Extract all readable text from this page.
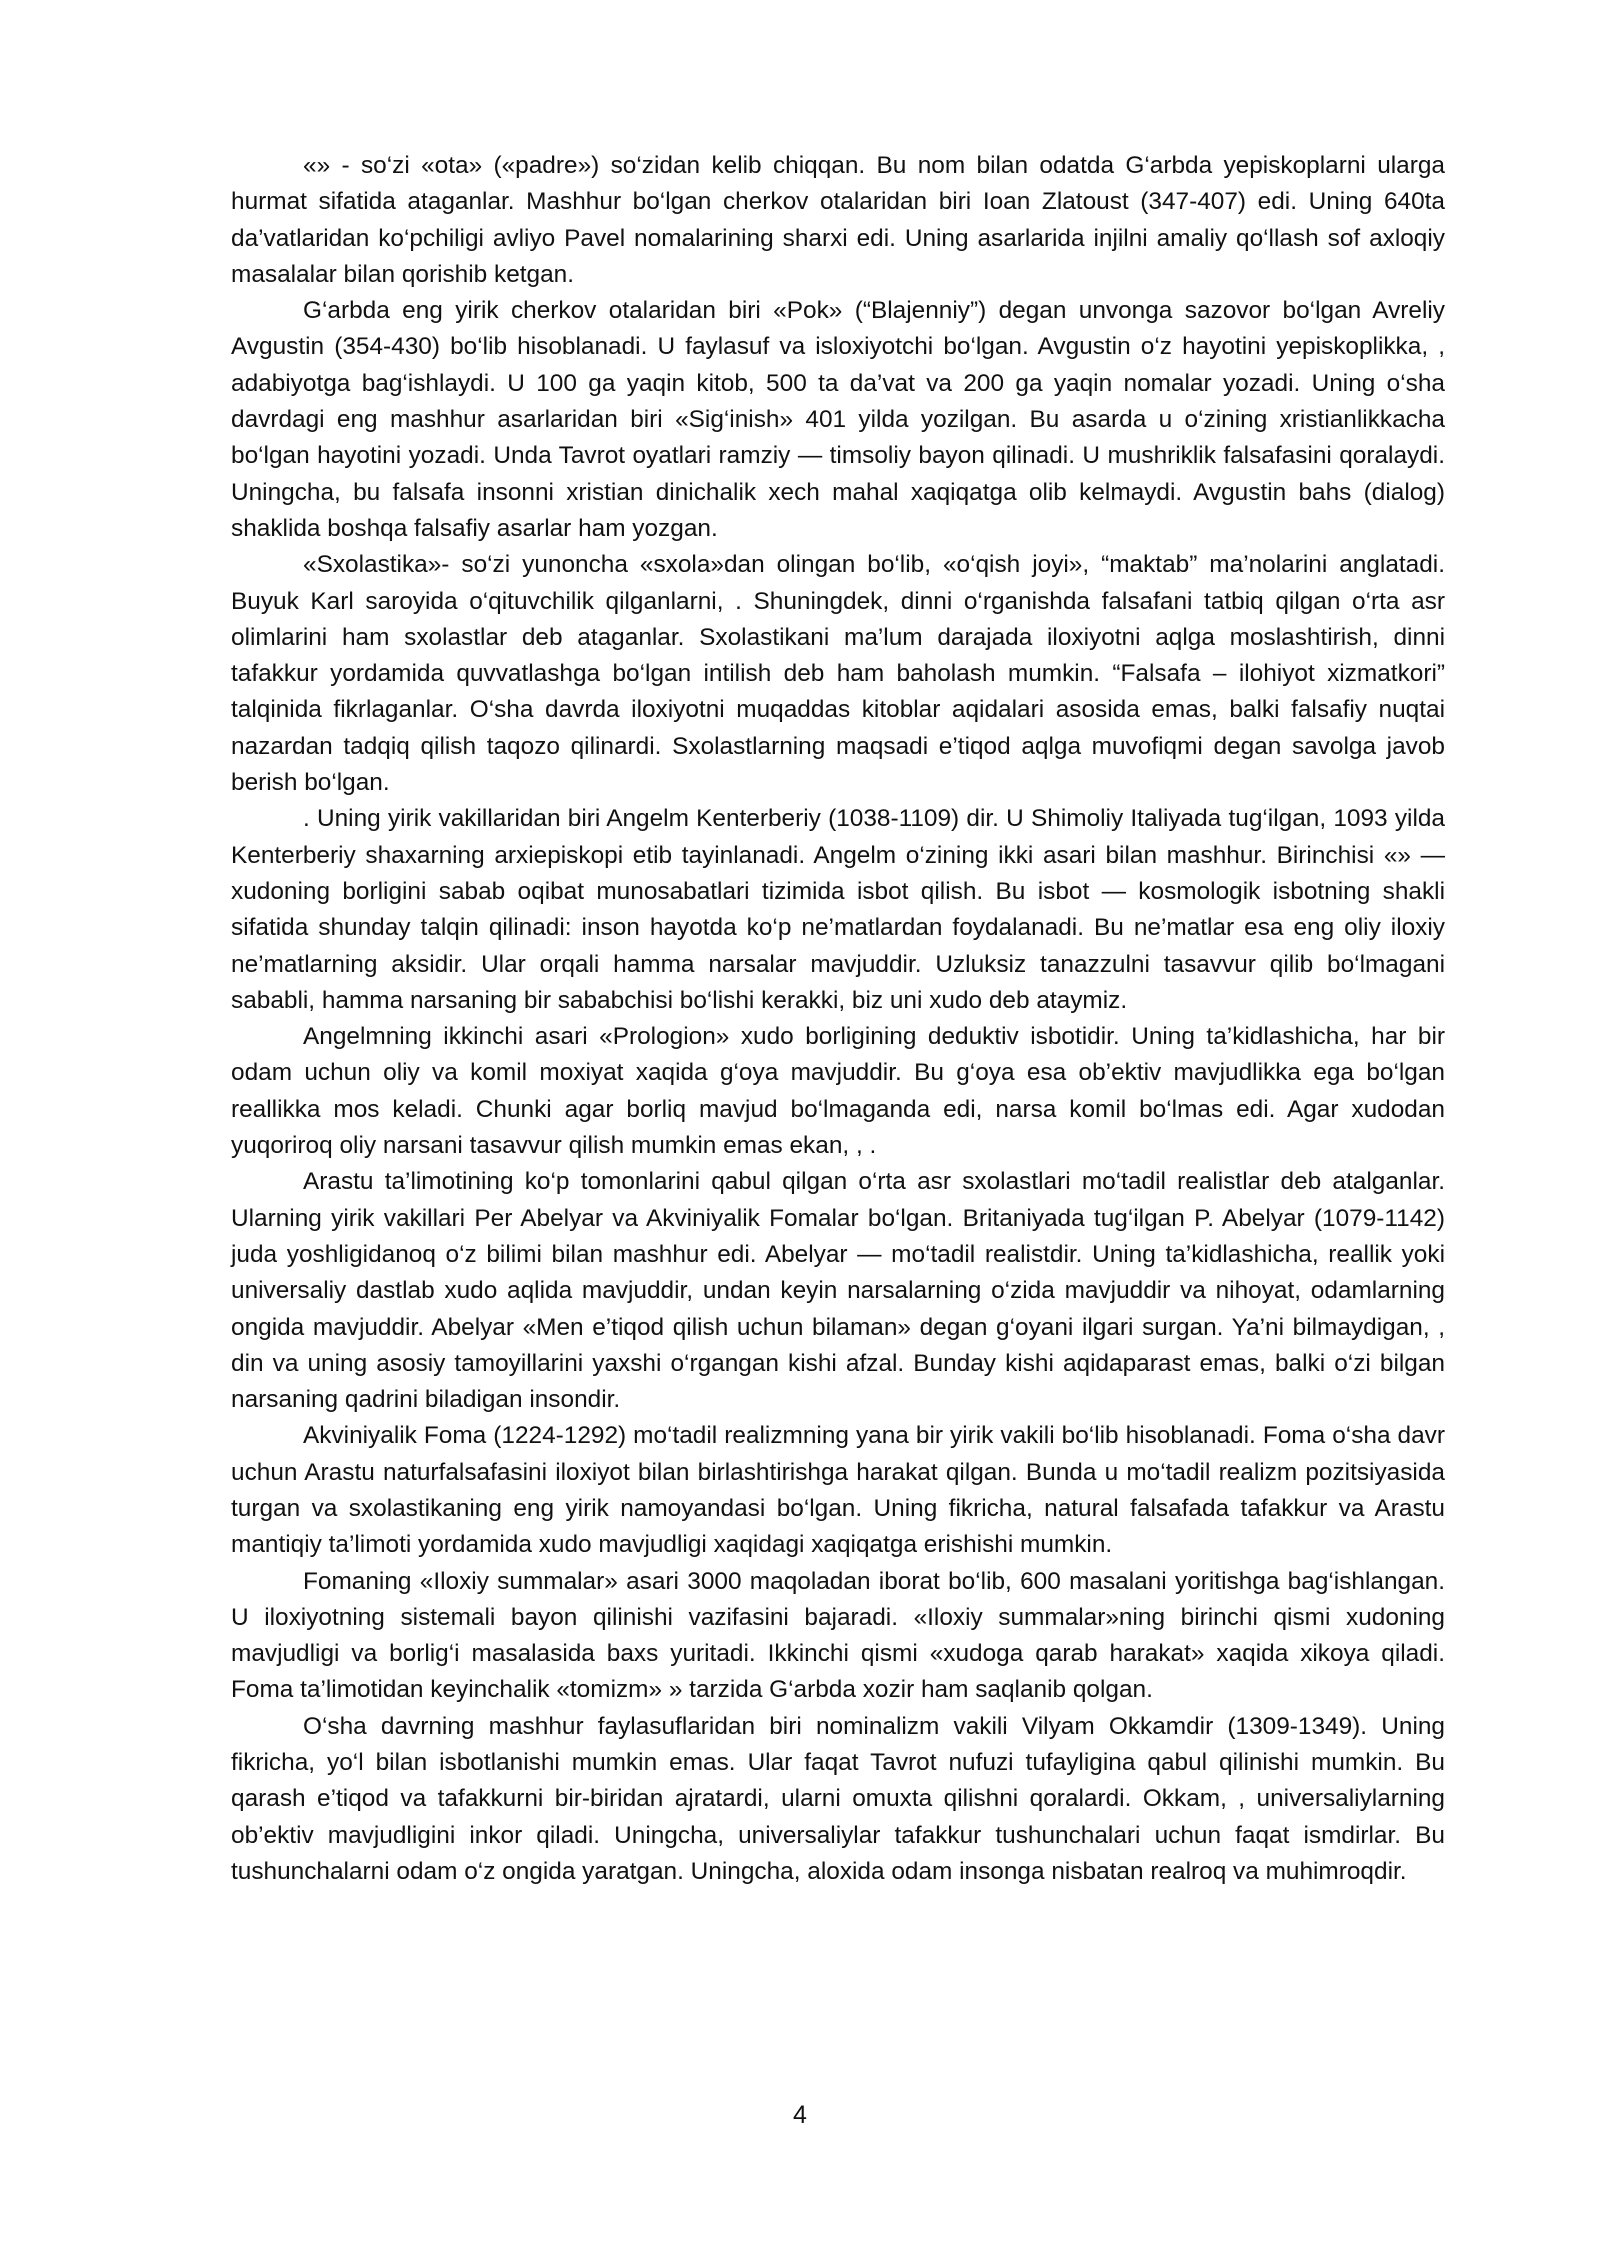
«» - so‘zi «ota» («padre») so‘zidan kelib chiqqan. Bu nom bilan odatda G‘arbda yepiskoplarni ularga hurmat sifatida ataganlar. Mashhur bo‘lgan cherkov otalaridan biri Ioan Zlatoust (347-407) edi. Uning 640ta da’vatlaridan ko‘pchiligi avliyo Pavel nomalarining sharxi edi. Uning asarlarida injilni amaliy qo‘llash sof axloqiy masalalar bilan qorishib ketgan.

G‘arbda eng yirik cherkov otalaridan biri «Pok» (“Blajenniy”) degan unvonga sazovor bo‘lgan Avreliy Avgustin (354-430) bo‘lib hisoblanadi. U faylasuf va isloxiyotchi bo‘lgan. Avgustin o‘z hayotini yepiskoplikka, , adabiyotga bag‘ishlaydi. U 100 ga yaqin kitob, 500 ta da’vat va 200 ga yaqin nomalar yozadi. Uning o‘sha davrdagi eng mashhur asarlaridan biri «Sig‘inish» 401 yilda yozilgan. Bu asarda u o‘zining xristianlikkacha bo‘lgan hayotini yozadi. Unda Tavrot oyatlari ramziy — timsoliy bayon qilinadi. U mushriklik falsafasini qoralaydi. Uningcha, bu falsafa insonni xristian dinichalik xech mahal xaqiqatga olib kelmaydi. Avgustin bahs (dialog) shaklida boshqa falsafiy asarlar ham yozgan.

«Sxolastika»- so‘zi yunoncha «sxola»dan olingan bo‘lib, «o‘qish joyi», “maktab” ma’nolarini anglatadi. Buyuk Karl saroyida o‘qituvchilik qilganlarni, . Shuningdek, dinni o‘rganishda falsafani tatbiq qilgan o‘rta asr olimlarini ham sxolastlar deb ataganlar. Sxolastikani ma’lum darajada iloxiyotni aqlga moslashtirish, dinni tafakkur yordamida quvvatlashga bo‘lgan intilish deb ham baholash mumkin. “Falsafa – ilohiyot xizmatkori” talqinida fikrlaganlar. O‘sha davrda iloxiyotni muqaddas kitoblar aqidalari asosida emas, balki falsafiy nuqtai nazardan tadqiq qilish taqozo qilinardi. Sxolastlarning maqsadi e’tiqod aqlga muvofiqmi degan savolga javob berish bo‘lgan.

. Uning yirik vakillaridan biri Angelm Kenterberiy (1038-1109) dir. U Shimoliy Italiyada tug‘ilgan, 1093 yilda Kenterberiy shaxarning arxiepiskopi etib tayinlanadi. Angelm o‘zining ikki asari bilan mashhur. Birinchisi «» — xudoning borligini sabab oqibat munosabatlari tizimida isbot qilish. Bu isbot — kosmologik isbotning shakli sifatida shunday talqin qilinadi: inson hayotda ko‘p ne’matlardan foydalanadi. Bu ne’matlar esa eng oliy iloxiy ne’matlarning aksidir. Ular orqali hamma narsalar mavjuddir. Uzluksiz tanazzulni tasavvur qilib bo‘lmagani sababli, hamma narsaning bir sababchisi bo‘lishi kerakki, biz uni xudo deb ataymiz.

Angelmning ikkinchi asari «Prologion» xudo borligining deduktiv isbotidir. Uning ta’kidlashicha, har bir odam uchun oliy va komil moxiyat xaqida g‘oya mavjuddir. Bu g‘oya esa ob’ektiv mavjudlikka ega bo‘lgan reallikka mos keladi. Chunki agar borliq mavjud bo‘lmaganda edi, narsa komil bo‘lmas edi. Agar xudodan yuqoriroq oliy narsani tasavvur qilish mumkin emas ekan, , .

Arastu ta’limotining ko‘p tomonlarini qabul qilgan o‘rta asr sxolastlari mo‘tadil realistlar deb atalganlar. Ularning yirik vakillari Per Abelyar va Akviniyalik Fomalar bo‘lgan. Britaniyada tug‘ilgan P. Abelyar (1079-1142) juda yoshligidanoq o‘z bilimi bilan mashhur edi. Abelyar — mo‘tadil realistdir. Uning ta’kidlashicha, reallik yoki universaliy dastlab xudo aqlida mavjuddir, undan keyin narsalarning o‘zida mavjuddir va nihoyat, odamlarning ongida mavjuddir. Abelyar «Men e’tiqod qilish uchun bilaman» degan g‘oyani ilgari surgan. Ya’ni bilmaydigan, , din va uning asosiy tamoyillarini yaxshi o‘rgangan kishi afzal. Bunday kishi aqidaparast emas, balki o‘zi bilgan narsaning qadrini biladigan insondir.

Akviniyalik Foma (1224-1292) mo‘tadil realizmning yana bir yirik vakili bo‘lib hisoblanadi. Foma o‘sha davr uchun Arastu naturfalsafasini iloxiyot bilan birlashtirishga harakat qilgan. Bunda u mo‘tadil realizm pozitsiyasida turgan va sxolastikaning eng yirik namoyandasi bo‘lgan. Uning fikricha, natural falsafada tafakkur va Arastu mantiqiy ta’limoti yordamida xudo mavjudligi xaqidagi xaqiqatga erishishi mumkin.

Fomaning «Iloxiy summalar» asari 3000 maqoladan iborat bo‘lib, 600 masalani yoritishga bag‘ishlangan. U iloxiyotning sistemali bayon qilinishi vazifasini bajaradi. «Iloxiy summalar»ning birinchi qismi xudoning mavjudligi va borlig‘i masalasida baxs yuritadi. Ikkinchi qismi «xudoga qarab harakat» xaqida xikoya qiladi. Foma ta’limotidan keyinchalik «tomizm» » tarzida G‘arbda xozir ham saqlanib qolgan.

O‘sha davrning mashhur faylasuflaridan biri nominalizm vakili Vilyam Okkamdir (1309-1349). Uning fikricha, yo‘l bilan isbotlanishi mumkin emas. Ular faqat Tavrot nufuzi tufayligina qabul qilinishi mumkin. Bu qarash e’tiqod va tafakkurni bir-biridan ajratardi, ularni omuxta qilishni qoralardi. Okkam, , universaliylarning ob’ektiv mavjudligini inkor qiladi. Uningcha, universaliylar tafakkur tushunchalari uchun faqat ismdirlar. Bu tushunchalarni odam o‘z ongida yaratgan. Uningcha, aloxida odam insonga nisbatan realroq va muhimroqdir.

4
